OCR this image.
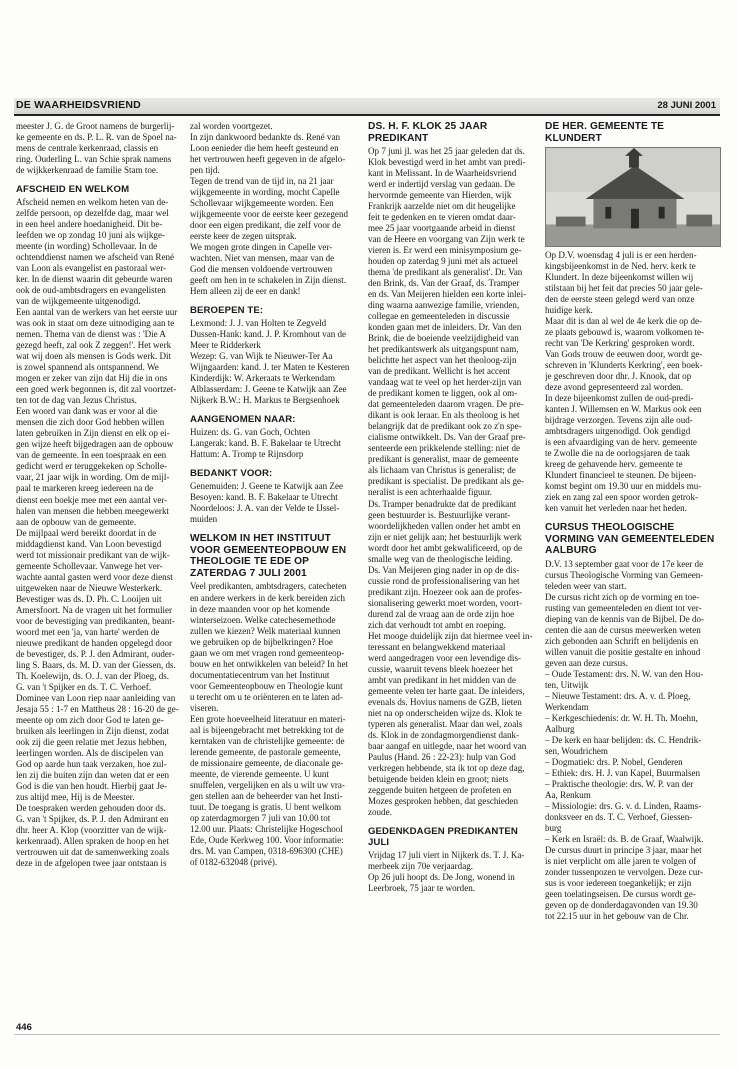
DE WAARHEIDSVRIEND	28 JUNI 2001

meester J. G. de Groot namens de burgerlij-
ke gemeente en ds. P. L. R. van de Spoel na-
mens de centrale kerkenraad, classis en
ring. Ouderling L. van Schie sprak namens
de wijkkerkenraad de familie Stam toe.

AFSCHEID EN WELKOM

Afscheid nemen en welkom heten van de-
zelfde persoon, op dezelfde dag, maar wel
in een heel andere hoedanigheid. Dit be-
leefden we op zondag 10 juni als wijkge-
meente (in wording) Schollevaar. In de
ochtenddienst namen we afscheid van René
van Loon als evangelist en pastoraal wer-
ker. In de dienst waarin dit gebeurde waren
ook de oud-ambtsdragers en evangelisten
van de wijkgemeente uitgenodigd.
Een aantal van de werkers van het eerste uur
was ook in staat om deze uitnodiging aan te
nemen. Thema van de dienst was : 'Die A
gezegd heeft, zal ook Z zeggen!'. Het werk
wat wij doen als mensen is Gods werk. Dit
is zowel spannend als ontspannend. We
mogen er zeker van zijn dat Hij die in ons
een goed werk begonnen is, dit zal voortzet-
ten tot de dag van Jezus Christus.
Een woord van dank was er voor al die
mensen die zich door God hebben willen
laten gebruiken in Zijn dienst en elk op ei-
gen wijze heeft bijgedragen aan de opbouw
van de gemeente. In een toespraak en een
gedicht werd er teruggekeken op Scholle-
vaar, 21 jaar wijk in wording. Om de mijl-
paal te markeren kreeg iedereen na de
dienst een boekje mee met een aantal ver-
halen van mensen die hebben meegewerkt
aan de opbouw van de gemeente.
De mijlpaal werd bereikt doordat in de
middagdienst kand. Van Loon bevestigd
werd tot missionair predikant van de wijk-
gemeente Schollevaar. Vanwege het ver-
wachte aantal gasten werd voor deze dienst
uitgeweken naar de Nieuwe Westerkerk.
Bevestiger was ds. D. Ph. C. Looijen uit
Amersfoort. Na de vragen uit het formulier
voor de bevestiging van predikanten, beant-
woord met een 'ja, van harte' werden de
nieuwe predikant de handen opgelegd door
de bevestiger, ds. P. J. den Admirant, ouder-
ling S. Baars, ds. M. D. van der Giessen, ds.
Th. Koelewijn, ds. O. J. van der Ploeg, ds.
G. van 't Spijker en ds. T. C. Verhoef.
Dominee van Loon riep naar aanleiding van
Jesaja 55 : 1-7 en Mattheus 28 : 16-20 de ge-
meente op om zich door God te laten ge-
bruiken als leerlingen in Zijn dienst, zodat
ook zij die geen relatie met Jezus hebben,
leerlingen worden. Als de discipelen van
God op aarde hun taak verzaken, hoe zul-
len zij die buiten zijn dan weten dat er een
God is die van hen houdt. Hierbij gaat Je-
zus altijd mee, Hij is de Meester.
De toespraken werden gehouden door ds.
G. van 't Spijker, ds. P. J. den Admirant en
dhr. heer A. Klop (voorzitter van de wijk-
kerkenraad). Allen spraken de hoop en het
vertrouwen uit dat de samenwerking zoals
deze in de afgelopen twee jaar ontstaan is

zal worden voortgezet.
In zijn dankwoord bedankte ds. René van
Loon eenieder die hem heeft gesteund en
het vertrouwen heeft gegeven in de afgelo-
pen tijd.
Tegen de trend van de tijd in, na 21 jaar
wijkgemeente in wording, mocht Capelle
Schollevaar wijkgemeente worden. Een
wijkgemeente voor de eerste keer gezegend
door een eigen predikant, die zelf voor de
eerste keer de zegen uitsprak.
We mogen grote dingen in Capelle ver-
wachten. Niet van mensen, maar van de
God die mensen voldoende vertrouwen
geeft om hen in te schakelen in Zijn dienst.
Hem alleen zij de eer en dank!

BEROEPEN TE:

Lexmond: J. J. van Holten te Zegveld
Dussen-Hank: kand. J. P. Kromhout van de
Meer te Ridderkerk
Wezep: G. van Wijk te Nieuwer-Ter Aa
Wijngaarden: kand. J. ter Maten te Kesteren
Kinderdijk: W. Arkeraats te Werkendam
Alblasserdam: J. Geene te Katwijk aan Zee
Nijkerk B.W.: H. Markus te Bergsenhoek

AANGENOMEN NAAR:

Huizen: ds. G. van Goch, Ochten
Langerak: kand. B. F. Bakelaar te Utrecht
Hattum: A. Tromp te Rijnsdorp

BEDANKT VOOR:

Genemuiden: J. Geene te Katwijk aan Zee
Besoyen: kand. B. F. Bakelaar te Utrecht
Noordeloos: J. A. van der Velde te IJssel-
muiden

WELKOM IN HET INSTITUUT VOOR GEMEENTEOPBOUW EN THEOLOGIE TE EDE OP ZATERDAG 7 JULI 2001

Veel predikanten, ambtsdragers, catecheten
en andere werkers in de kerk bereiden zich
in deze maanden voor op het komende
winterseizoen. Welke catechesemethode
zullen we kiezen? Welk materiaal kunnen
we gebruiken op de bijbelkringen? Hoe
gaan we om met vragen rond gemeenteop-
bouw en het ontwikkelen van beleid? In het
documentatiecentrum van het Instituut
voor Gemeenteopbouw en Theologie kunt
u terecht om u te oriënteren en te laten ad-
viseren.
Een grote hoeveelheid literatuur en materi-
aal is bijeengebracht met betrekking tot de
kerntaken van de christelijke gemeente: de
lerende gemeente, de pastorale gemeente,
de missionaire gemeente, de diaconale ge-
meente, de vierende gemeente. U kunt
snuffelen, vergelijken en als u wilt uw vra-
gen stellen aan de beheerder van het Insti-
tuut. De toegang is gratis. U bent welkom
op zaterdagmorgen 7 juli van 10.00 tot
12.00 uur. Plaats: Christelijke Hogeschool
Ede, Oude Kerkweg 100. Voor informatie:
drs. M. van Campen, 0318-696300 (CHE)
of 0182-632048 (privé).

DS. H. F. KLOK 25 JAAR PREDIKANT

Op 7 juni jl. was het 25 jaar geleden dat ds.
Klok bevestigd werd in het ambt van predi-
kant in Melissant. In de Waarheidsvriend
werd er indertijd verslag van gedaan. De
hervormde gemeente van Hierden, wijk
Frankrijk aarzelde niet om dit heugelijke
feit te gedenken en te vieren omdat daar-
mee 25 jaar voortgaande arbeid in dienst
van de Heere en voorgang van Zijn werk te
vieren is. Er werd een minisymposium ge-
houden op zaterdag 9 juni met als actueel
thema 'de predikant als generalist'. Dr. Van
den Brink, ds. Van der Graaf, ds. Tramper
en ds. Van Meijeren hielden een korte inlei-
ding waarna aanwezige familie, vrienden,
collegae en gemeenteleden in discussie
konden gaan met de inleiders. Dr. Van den
Brink, die de boeiende veelzijdigheid van
het predikantswerk als uitgangspunt nam,
belichtte het aspect van het theoloog-zijn
van de predikant. Wellicht is het accent
vandaag wat te veel op het herder-zijn van
de predikant komen te liggen, ook al om-
dat gemeenteleden daarom vragen. De pre-
dikant is ook leraar. En als theoloog is het
belangrijk dat de predikant ook zo z'n spe-
cialisme ontwikkelt. Ds. Van der Graaf pre-
senteerde een prikkelende stelling: niet de
predikant is generalist, maar de gemeente
als lichaam van Christus is generalist; de
predikant is specialist. De predikant als ge-
neralist is een achterhaalde figuur.
Ds. Tramper benadrukte dat de predikant
geen bestuurder is. Bestuurlijke verant-
woordelijkheden vallen onder het ambt en
zijn er niet gelijk aan; het bestuurlijk werk
wordt door het ambt gekwalificeerd, op de
smalle weg van de theologische leiding.
Ds. Van Meijeren ging nader in op de dis-
cussie rond de professionalisering van het
predikant zijn. Hoezeer ook aan de profes-
sionalisering gewerkt moet worden, voort-
durend zal de vraag aan de orde zijn hoe
zich dat verhoudt tot ambt en roeping.
Het mooge duidelijk zijn dat hiermee veel in-
teressant en belangwekkend materiaal
werd aangedragen voor een levendige dis-
cussie, waaruit tevens bleek hoezeer het
ambt van predikant in het midden van de
gemeente velen ter harte gaat. De inleiders,
evenals ds. Hovius namens de GZB, lieten
niet na op onderscheiden wijze ds. Klok te
typeren als generalist. Maar dan wel, zoals
ds. Klok in de zondagmorgendienst dank-
baar aangaf en uitlegde, naar het woord van
Paulus (Hand. 26 : 22-23): hulp van God
verkregen hebbende, sta ik tot op deze dag,
betuigende beiden klein en groot; niets
zeggende buiten hetgeen de profeten en
Mozes gesproken hebben, dat geschieden
zoude.

GEDENKDAGEN PREDIKANTEN JULI

Vrijdag 17 juli viert in Nijkerk ds. T. J. Ka-
merbeek zijn 70e verjaardag.
Op 26 juli hoopt ds. De Jong, wonend in
Leerbroek, 75 jaar te worden.

DE HER. GEMEENTE TE KLUNDERT

Op D.V. woensdag 4 juli is er een herden-
kingsbijeenkomst in de Ned. herv. kerk te
Klundert. In deze bijeenkomst willen wij
stilstaan bij het feit dat precies 50 jaar gele-
den de eerste steen gelegd werd van onze
huidige kerk.
Maar dit is dan al wel de 4e kerk die op de-
ze plaats gebouwd is, waarom volkomen te-
recht van 'De Kerkring' gesproken wordt.
Van Gods trouw de eeuwen door, wordt ge-
schreven in 'Klunderts Kerkring', een boek-
je geschreven door dhr. J. Knook, dat op
deze avond gepresenteerd zal worden.
In deze bijeenkomst zullen de oud-predi-
kanten J. Willemsen en W. Markus ook een
bijdrage verzorgen. Tevens zijn alle oud-
ambtsdragers uitgenodigd. Ook gendigd
is een afvaardiging van de herv. gemeente
te Zwolle die na de oorlogsjaren de taak
kreeg de gehavende herv. gemeente te
Klundert financieel te steunen. De bijeen-
komst begint om 19.30 uur en middels mu-
ziek en zang zal een spoor worden getrok-
ken vanuit het verleden naar het heden.

CURSUS THEOLOGISCHE VORMING VAN GEMEENTELEDEN AALBURG

D.V. 13 september gaat voor de 17e keer de
cursus Theologische Vorming van Gemeen-
teleden weer van start.
De cursus richt zich op de vorming en toe-
rusting van gemeenteleden en dient tot ver-
dieping van de kennis van de Bijbel. De do-
centen die aan de cursus meewerken weten
zich gebonden aan Schrift en belijdenis en
willen vanuit die positie gestalte en inhoud
geven aan deze cursus.
– Oude Testament: drs. N. W. van den Hou-
ten, Uitwijk
– Nieuwe Testament: drs. A. v. d. Ploeg,
Werkendam
– Kerkgeschiedenis: dr. W. H. Th. Moehn,
Aalburg
– De kerk en haar belijden: ds. C. Hendrik-
sen, Woudrichem
– Dogmatiek: drs. P. Nobel, Genderen
– Ethiek: drs. H. J. van Kapel, Buurmalsen
– Praktische theologie: drs. W. P. van der
Aa, Renkum
– Missiologie: drs. G. v. d. Linden, Raams-
donksveer en ds. T. C. Verhoef, Giessen-
burg
– Kerk en Israël: ds. B. de Graaf, Waalwijk.
De cursus duurt in principe 3 jaar, maar het
is niet verplicht om alle jaren te volgen of
zonder tussenpozen te vervolgen. Deze cur-
sus is voor iedereen toegankelijk; er zijn
geen toelatingseisen. De cursus wordt ge-
geven op de donderdagavonden van 19.30
tot 22.15 uur in het gebouw van de Chr.

446
